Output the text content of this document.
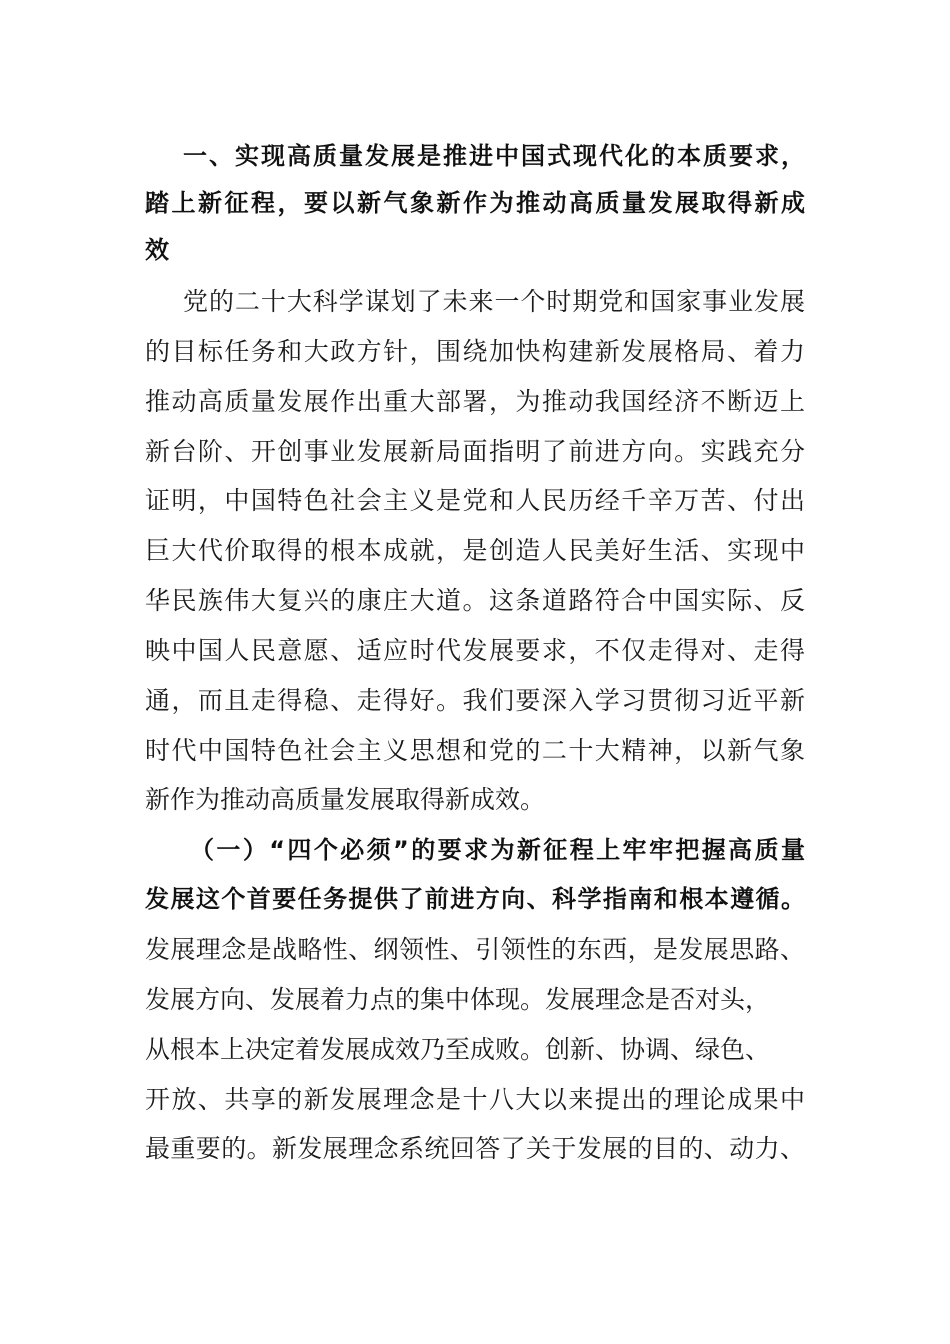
一、实现高质量发展是推进中国式现代化的本质要求，
踏上新征程，要以新气象新作为推动高质量发展取得新成
效
党的二十大科学谋划了未来一个时期党和国家事业发展
的目标任务和大政方针，围绕加快构建新发展格局、着力
推动高质量发展作出重大部署，为推动我国经济不断迈上
新台阶、开创事业发展新局面指明了前进方向。实践充分
证明，中国特色社会主义是党和人民历经千辛万苦、付出
巨大代价取得的根本成就，是创造人民美好生活、实现中
华民族伟大复兴的康庄大道。这条道路符合中国实际、反
映中国人民意愿、适应时代发展要求，不仅走得对、走得
通，而且走得稳、走得好。我们要深入学习贯彻习近平新
时代中国特色社会主义思想和党的二十大精神，以新气象
新作为推动高质量发展取得新成效。
（一）“四个必须”的要求为新征程上牢牢把握高质量
发展这个首要任务提供了前进方向、科学指南和根本遵循。
发展理念是战略性、纲领性、引领性的东西，是发展思路、
发展方向、发展着力点的集中体现。发展理念是否对头，
从根本上决定着发展成效乃至成败。创新、协调、绿色、
开放、共享的新发展理念是十八大以来提出的理论成果中
最重要的。新发展理念系统回答了关于发展的目的、动力、
